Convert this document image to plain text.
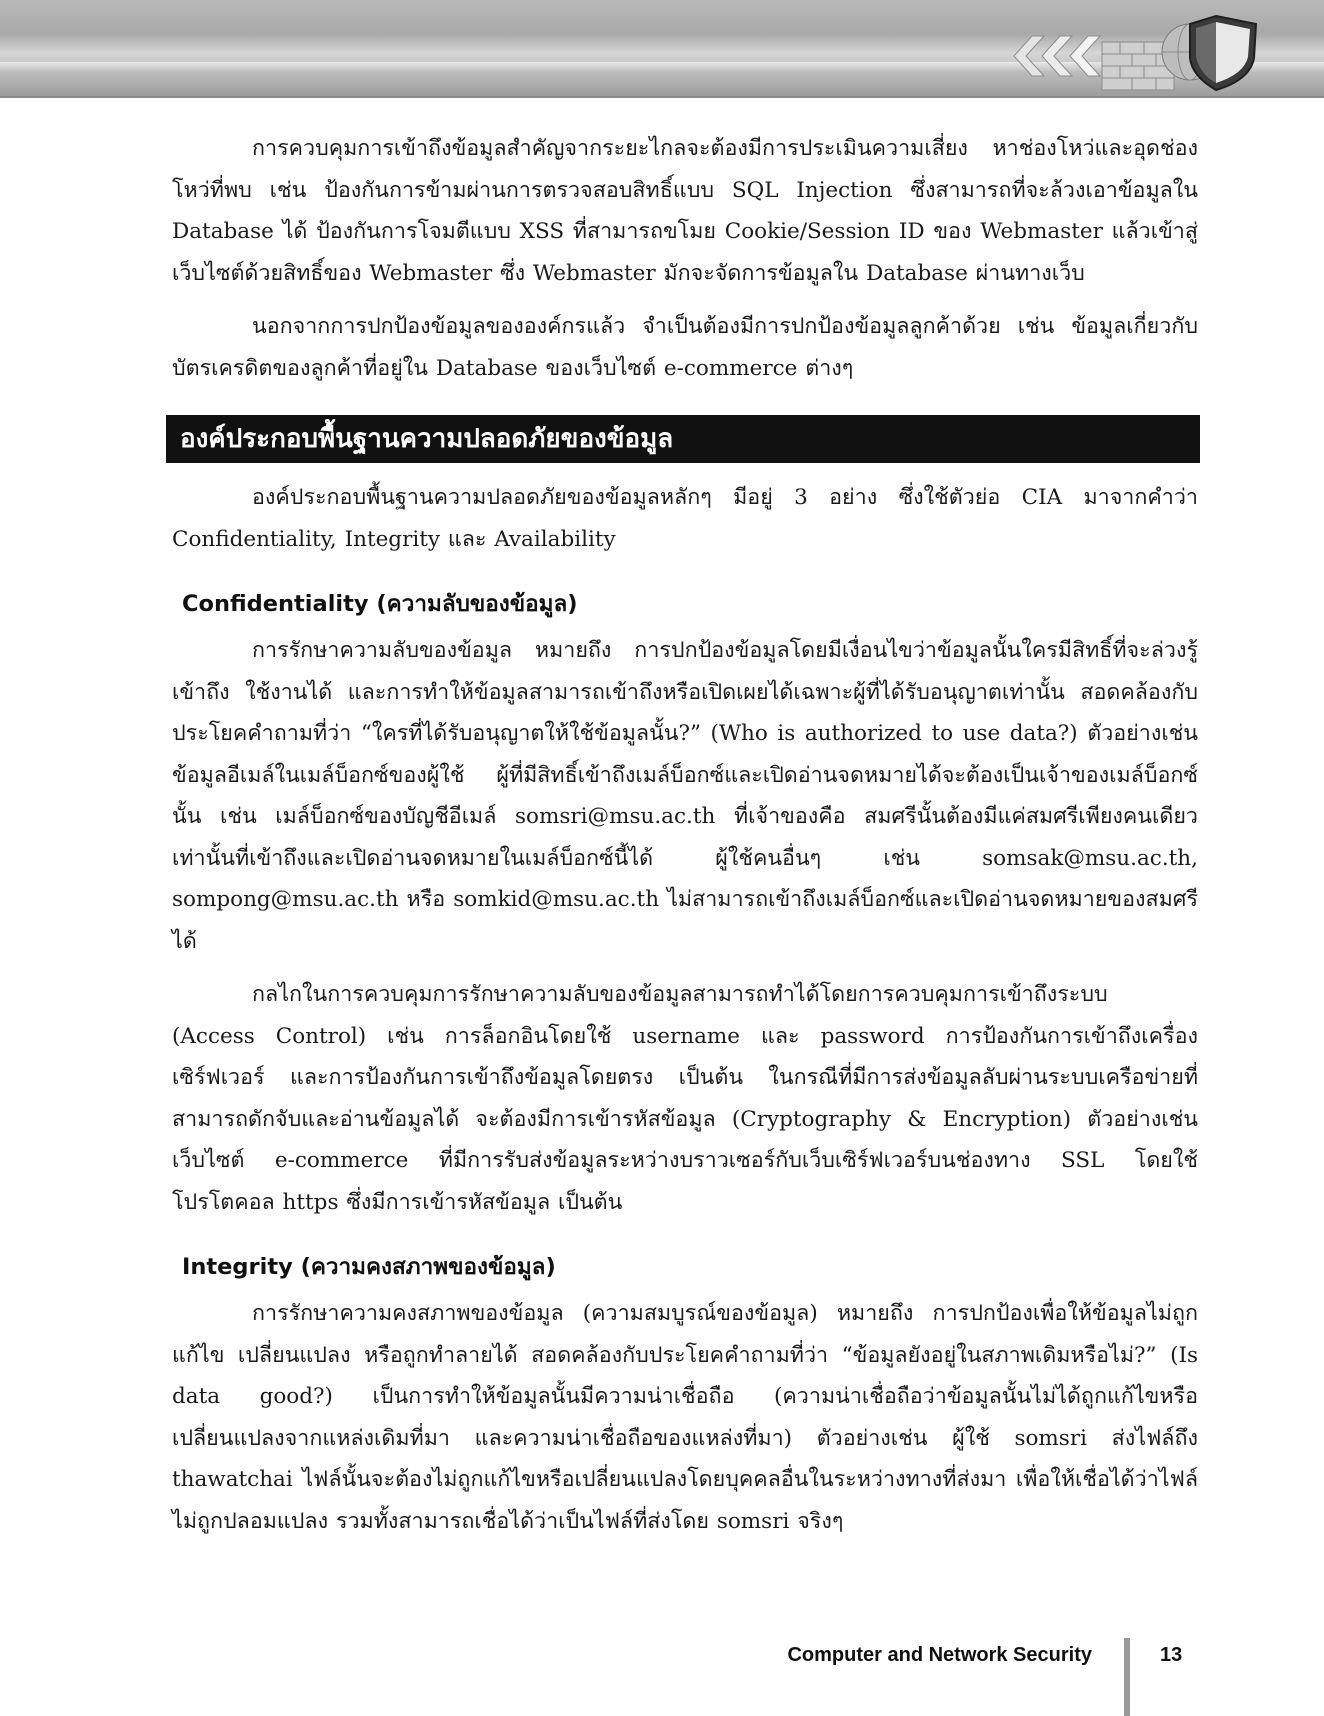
การควบคุมการเข้าถึงข้อมูลสำคัญจากระยะไกลจะต้องมีการประเมินความเสี่ยง หาช่องโหว่และอุดช่องโหว่ที่พบ เช่น ป้องกันการข้ามผ่านการตรวจสอบสิทธิ์แบบ SQL Injection ซึ่งสามารถที่จะล้วงเอาข้อมูลใน Database ได้ ป้องกันการโจมตีแบบ XSS ที่สามารถขโมย Cookie/Session ID ของ Webmaster แล้วเข้าสู่เว็บไซต์ด้วยสิทธิ์ของ Webmaster ซึ่ง Webmaster มักจะจัดการข้อมูลใน Database ผ่านทางเว็บ

นอกจากการปกป้องข้อมูลขององค์กรแล้ว จำเป็นต้องมีการปกป้องข้อมูลลูกค้าด้วย เช่น ข้อมูลเกี่ยวกับบัตรเครดิตของลูกค้าที่อยู่ใน Database ของเว็บไซต์ e-commerce ต่างๆ

องค์ประกอบพื้นฐานความปลอดภัยของข้อมูล

องค์ประกอบพื้นฐานความปลอดภัยของข้อมูลหลักๆ มีอยู่ 3 อย่าง ซึ่งใช้ตัวย่อ CIA มาจากคำว่า Confidentiality, Integrity และ Availability

Confidentiality (ความลับของข้อมูล)

การรักษาความลับของข้อมูล หมายถึง การปกป้องข้อมูลโดยมีเงื่อนไขว่าข้อมูลนั้นใครมีสิทธิ์ที่จะล่วงรู้ เข้าถึง ใช้งานได้ และการทำให้ข้อมูลสามารถเข้าถึงหรือเปิดเผยได้เฉพาะผู้ที่ได้รับอนุญาตเท่านั้น สอดคล้องกับประโยคคำถามที่ว่า “ใครที่ได้รับอนุญาตให้ใช้ข้อมูลนั้น?” (Who is authorized to use data?) ตัวอย่างเช่น ข้อมูลอีเมล์ในเมล์บ็อกซ์ของผู้ใช้ ผู้ที่มีสิทธิ์เข้าถึงเมล์บ็อกซ์และเปิดอ่านจดหมายได้จะต้องเป็นเจ้าของเมล์บ็อกซ์นั้น เช่น เมล์บ็อกซ์ของบัญชีอีเมล์ somsri@msu.ac.th ที่เจ้าของคือ สมศรีนั้นต้องมีแค่สมศรีเพียงคนเดียวเท่านั้นที่เข้าถึงและเปิดอ่านจดหมายในเมล์บ็อกซ์นี้ได้ ผู้ใช้คนอื่นๆ เช่น somsak@msu.ac.th, sompong@msu.ac.th หรือ somkid@msu.ac.th ไม่สามารถเข้าถึงเมล์บ็อกซ์และเปิดอ่านจดหมายของสมศรีได้

กลไกในการควบคุมการรักษาความลับของข้อมูลสามารถทำได้โดยการควบคุมการเข้าถึงระบบ (Access Control) เช่น การล็อกอินโดยใช้ username และ password การป้องกันการเข้าถึงเครื่องเซิร์ฟเวอร์ และการป้องกันการเข้าถึงข้อมูลโดยตรง เป็นต้น ในกรณีที่มีการส่งข้อมูลลับผ่านระบบเครือข่ายที่สามารถดักจับและอ่านข้อมูลได้ จะต้องมีการเข้ารหัสข้อมูล (Cryptography & Encryption) ตัวอย่างเช่น เว็บไซต์ e-commerce ที่มีการรับส่งข้อมูลระหว่างบราวเซอร์กับเว็บเซิร์ฟเวอร์บนช่องทาง SSL โดยใช้โปรโตคอล https ซึ่งมีการเข้ารหัสข้อมูล เป็นต้น

Integrity (ความคงสภาพของข้อมูล)

การรักษาความคงสภาพของข้อมูล (ความสมบูรณ์ของข้อมูล) หมายถึง การปกป้องเพื่อให้ข้อมูลไม่ถูกแก้ไข เปลี่ยนแปลง หรือถูกทำลายได้ สอดคล้องกับประโยคคำถามที่ว่า “ข้อมูลยังอยู่ในสภาพเดิมหรือไม่?” (Is data good?) เป็นการทำให้ข้อมูลนั้นมีความน่าเชื่อถือ (ความน่าเชื่อถือว่าข้อมูลนั้นไม่ได้ถูกแก้ไขหรือเปลี่ยนแปลงจากแหล่งเดิมที่มา และความน่าเชื่อถือของแหล่งที่มา) ตัวอย่างเช่น ผู้ใช้ somsri ส่งไฟล์ถึง thawatchai ไฟล์นั้นจะต้องไม่ถูกแก้ไขหรือเปลี่ยนแปลงโดยบุคคลอื่นในระหว่างทางที่ส่งมา เพื่อให้เชื่อได้ว่าไฟล์ไม่ถูกปลอมแปลง รวมทั้งสามารถเชื่อได้ว่าเป็นไฟล์ที่ส่งโดย somsri จริงๆ

Computer and Network Security	13
